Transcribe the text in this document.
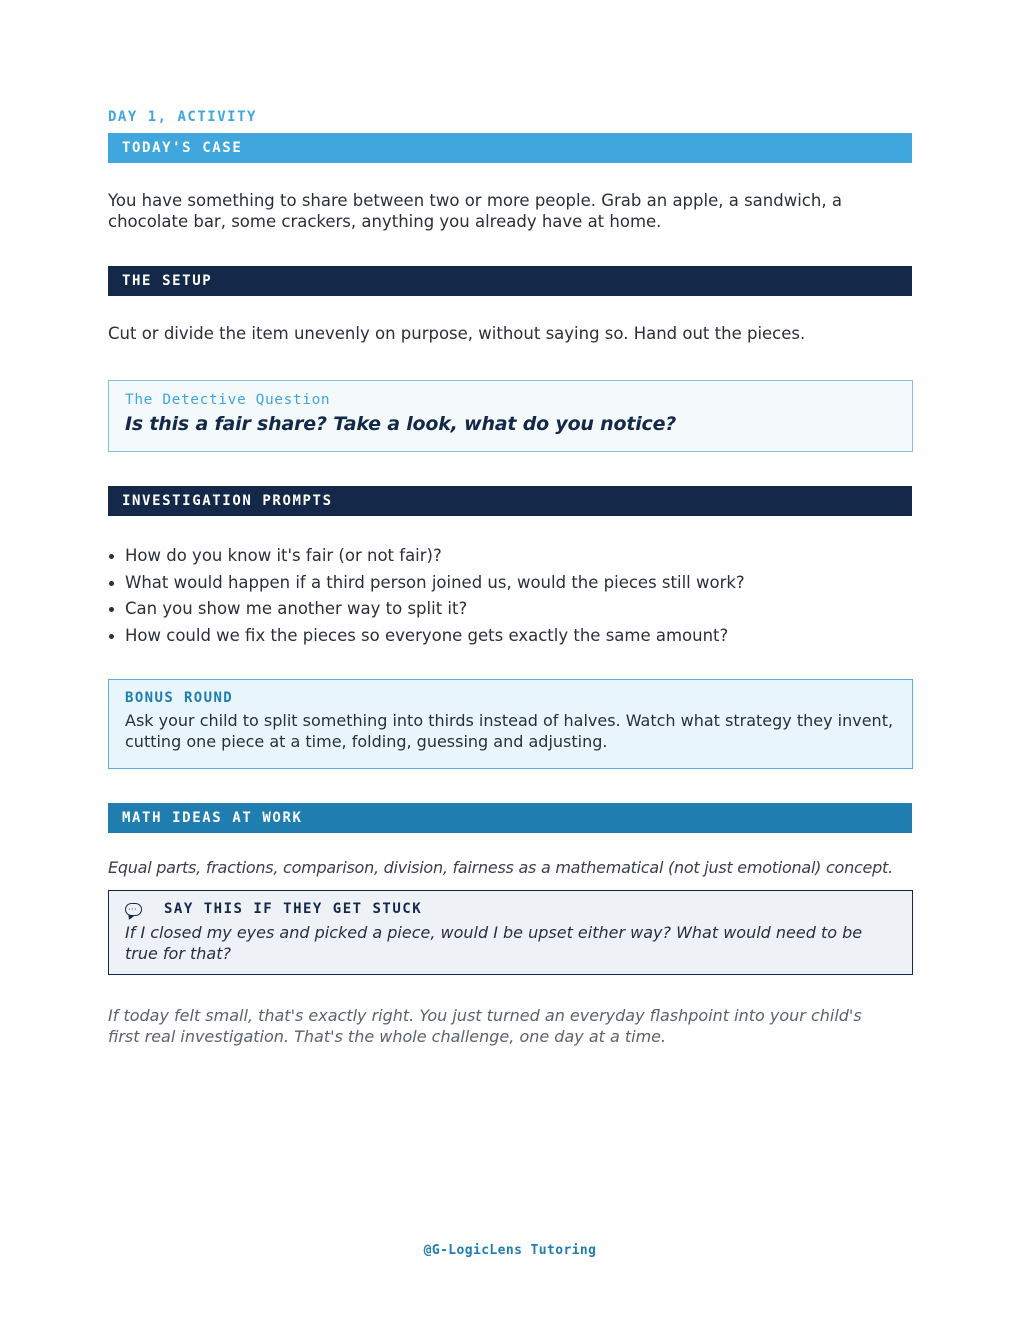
DAY 1, ACTIVITY
TODAY'S CASE
You have something to share between two or more people. Grab an apple, a sandwich, a chocolate bar, some crackers, anything you already have at home.
THE SETUP
Cut or divide the item unevenly on purpose, without saying so. Hand out the pieces.
The Detective Question
Is this a fair share? Take a look, what do you notice?
INVESTIGATION PROMPTS
How do you know it's fair (or not fair)?
What would happen if a third person joined us, would the pieces still work?
Can you show me another way to split it?
How could we fix the pieces so everyone gets exactly the same amount?
BONUS ROUND
Ask your child to split something into thirds instead of halves. Watch what strategy they invent, cutting one piece at a time, folding, guessing and adjusting.
MATH IDEAS AT WORK
Equal parts, fractions, comparison, division, fairness as a mathematical (not just emotional) concept.
··· SAY THIS IF THEY GET STUCK
If I closed my eyes and picked a piece, would I be upset either way? What would need to be true for that?
If today felt small, that's exactly right. You just turned an everyday flashpoint into your child's first real investigation. That's the whole challenge, one day at a time.
@G-LogicLens Tutoring
